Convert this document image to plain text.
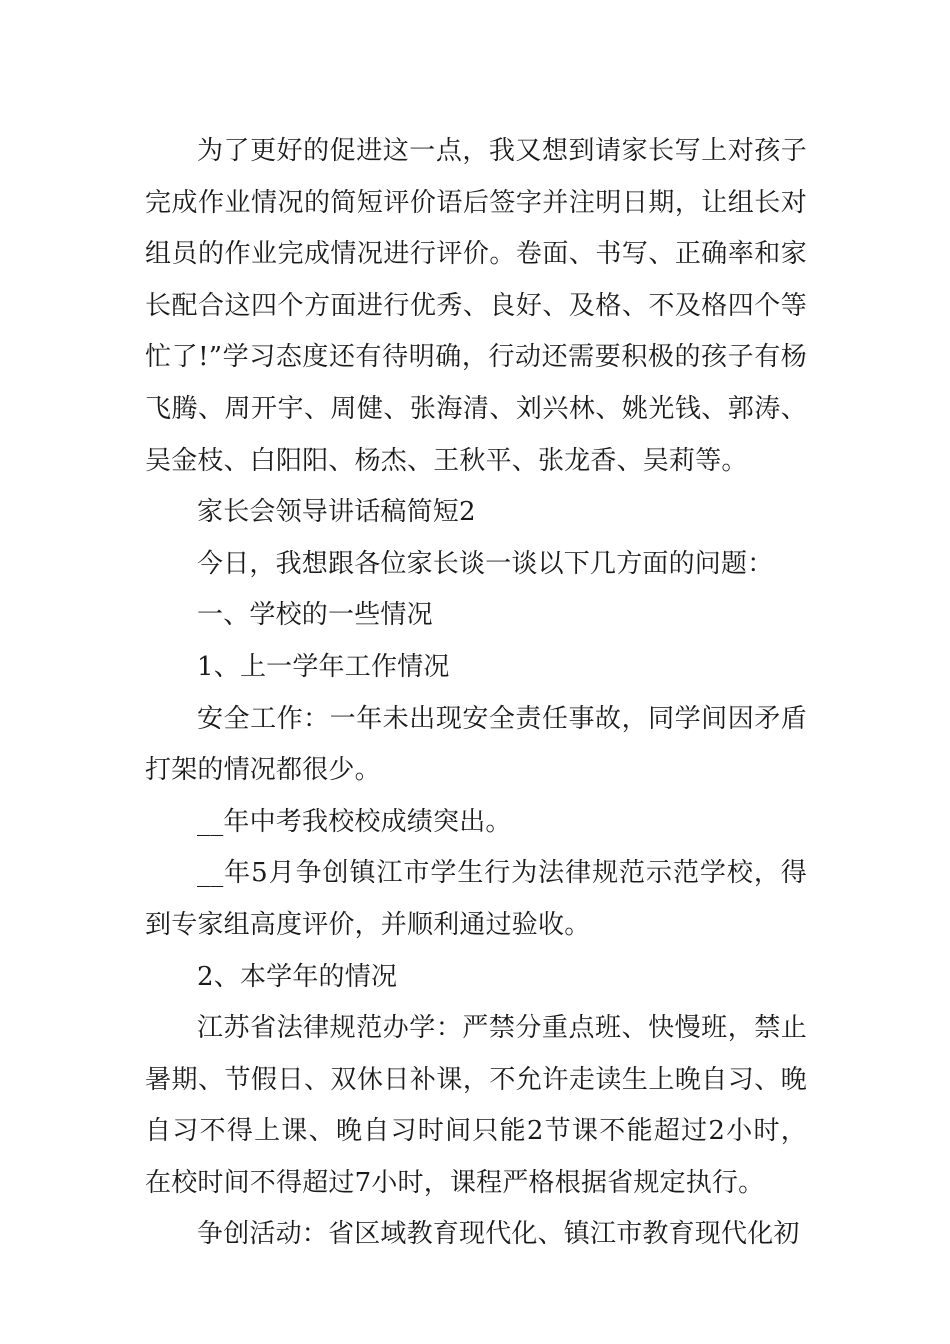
为了更好的促进这一点，我又想到请家长写上对孩子完成作业情况的简短评价语后签字并注明日期，让组长对组员的作业完成情况进行评价。卷面、书写、正确率和家长配合这四个方面进行优秀、良好、及格、不及格四个等忙了!”学习态度还有待明确，行动还需要积极的孩子有杨飞腾、周开宇、周健、张海清、刘兴林、姚光钱、郭涛、吴金枝、白阳阳、杨杰、王秋平、张龙香、吴莉等。

家长会领导讲话稿简短2

今日，我想跟各位家长谈一谈以下几方面的问题：

一、学校的一些情况

1、上一学年工作情况

安全工作：一年未出现安全责任事故，同学间因矛盾打架的情况都很少。

__年中考我校校成绩突出。

__年5月争创镇江市学生行为法律规范示范学校，得到专家组高度评价，并顺利通过验收。

2、本学年的情况

江苏省法律规范办学：严禁分重点班、快慢班，禁止暑期、节假日、双休日补课，不允许走读生上晚自习、晚自习不得上课、晚自习时间只能2节课不能超过2小时，在校时间不得超过7小时，课程严格根据省规定执行。

争创活动：省区域教育现代化、镇江市教育现代化初
